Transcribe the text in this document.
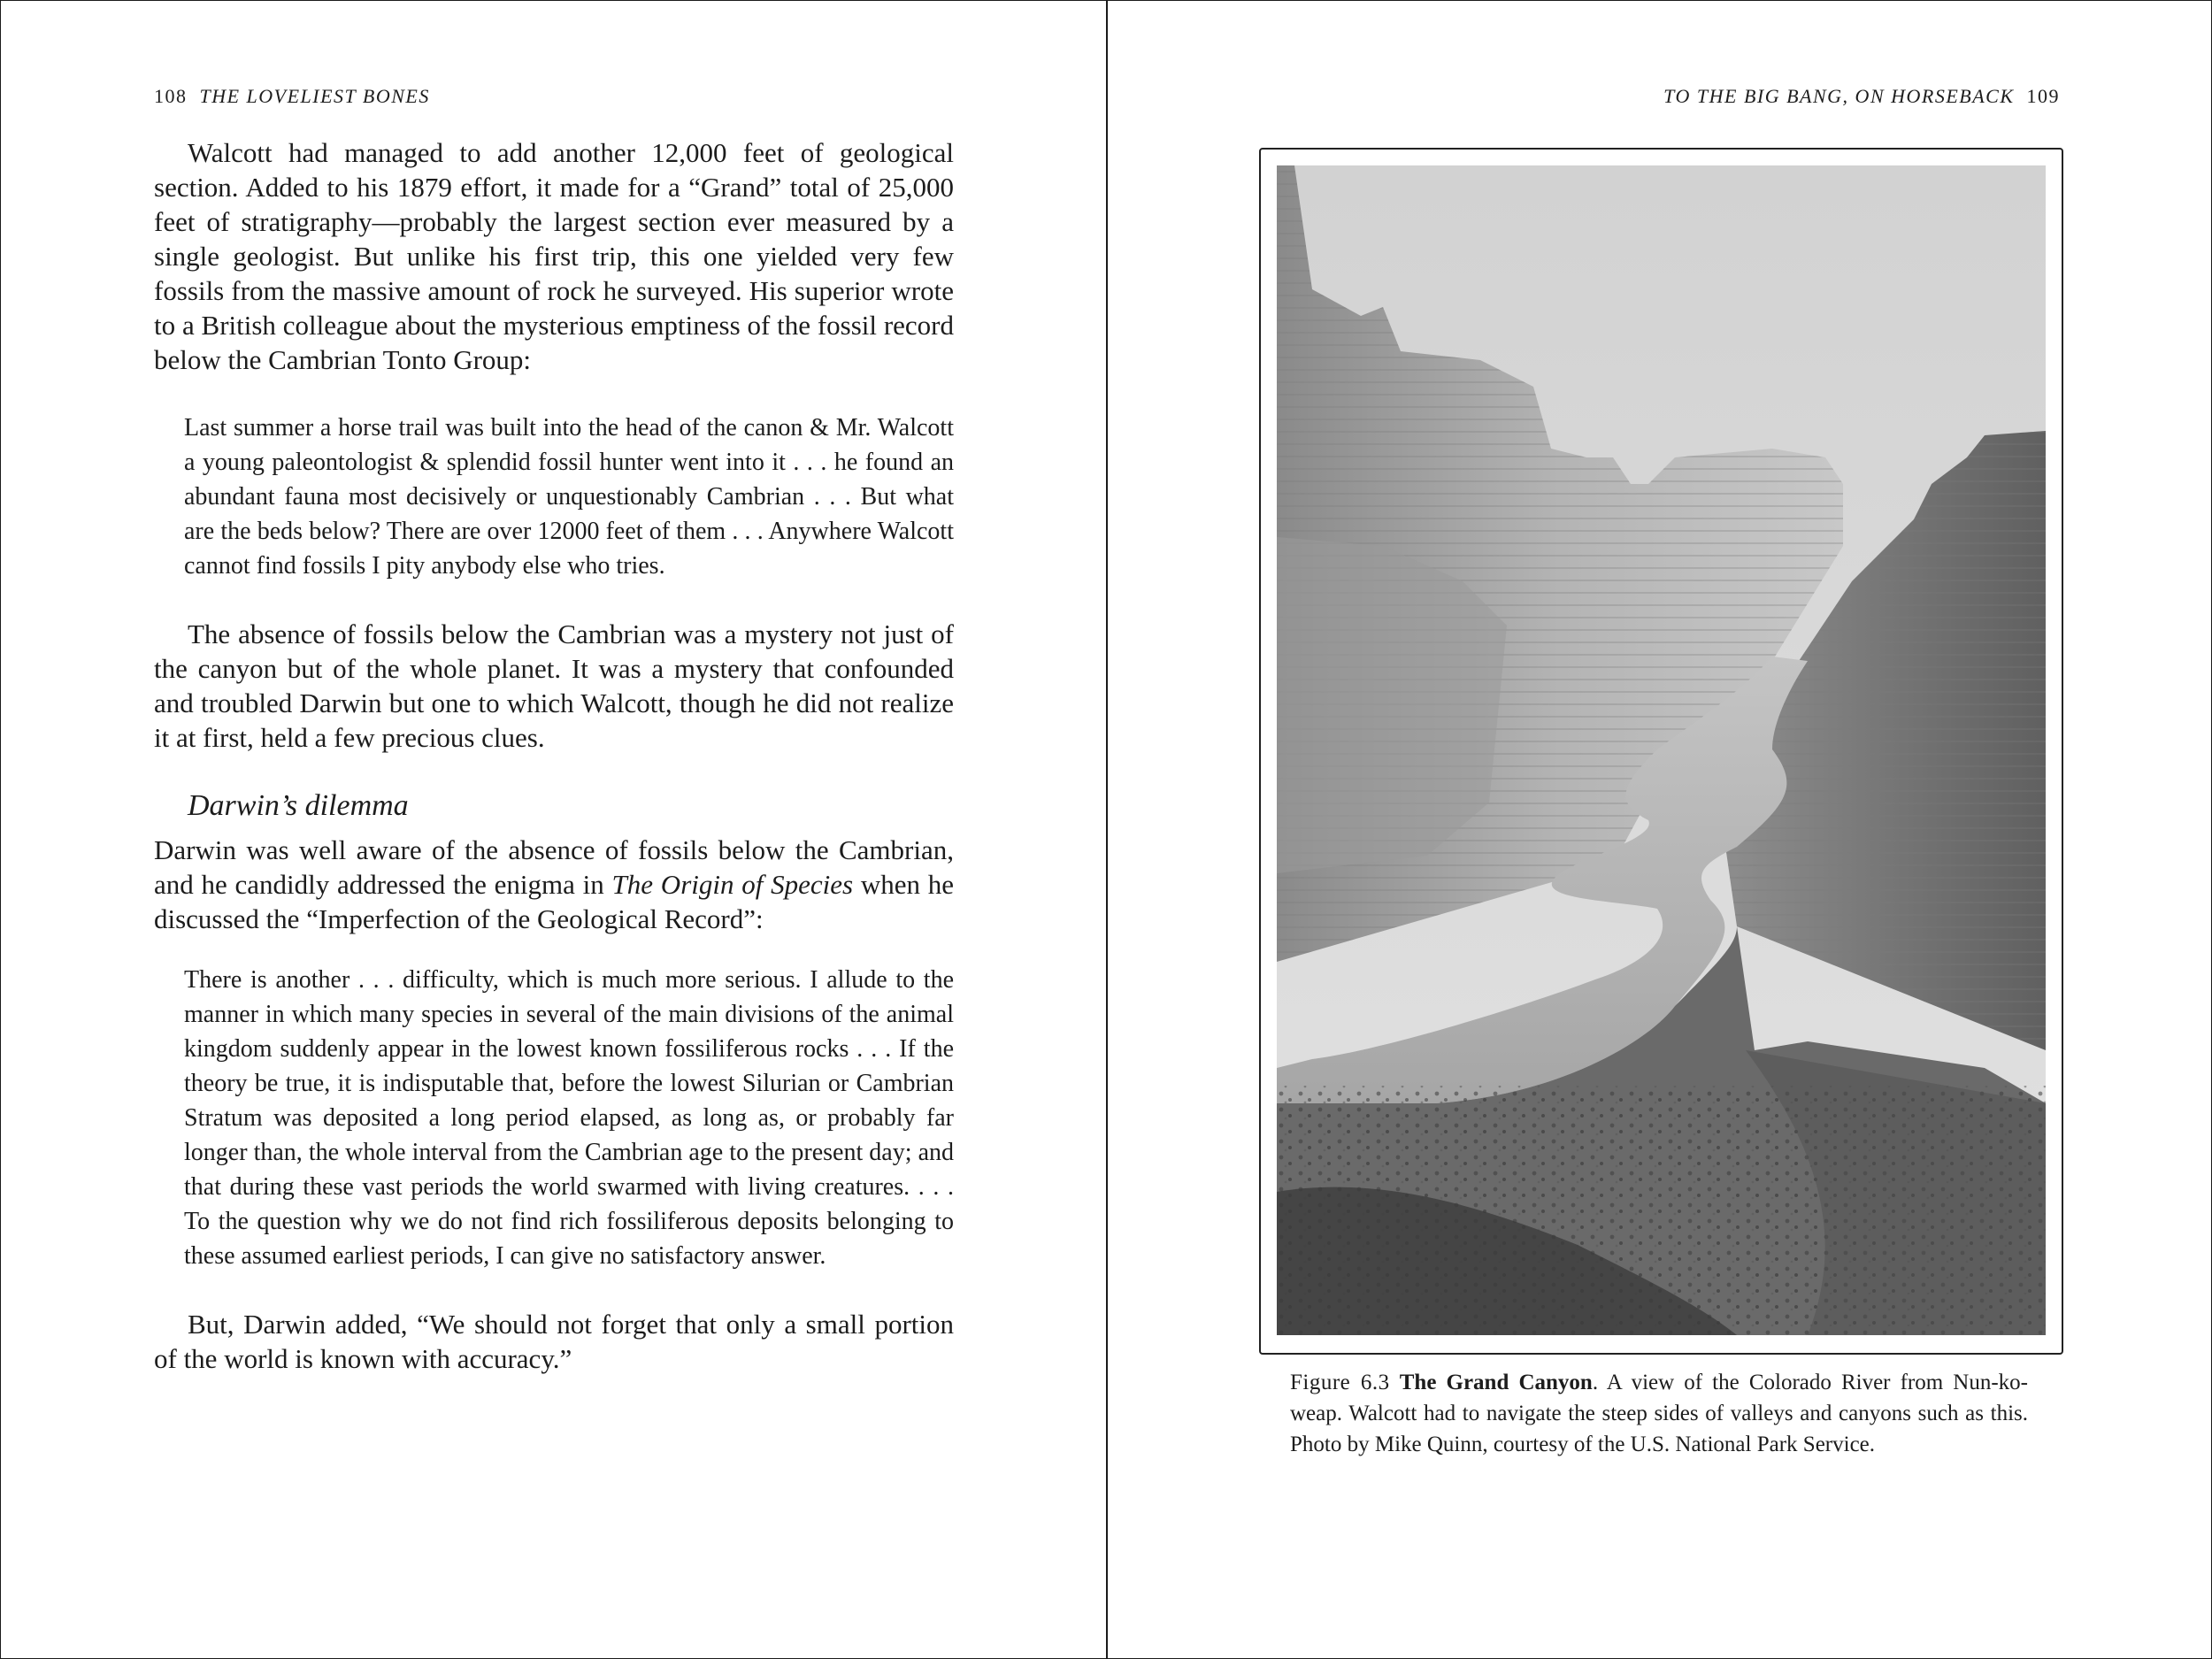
108 THE LOVELIEST BONES

Walcott had managed to add another 12,000 feet of geological section. Added to his 1879 effort, it made for a “Grand” total of 25,000 feet of stratigraphy—probably the largest section ever measured by a single geologist. But unlike his first trip, this one yielded very few fossils from the massive amount of rock he surveyed. His superior wrote to a British colleague about the mysterious emptiness of the fossil record below the Cambrian Tonto Group:

Last summer a horse trail was built into the head of the canon & Mr. Walcott a young paleontologist & splendid fossil hunter went into it . . . he found an abundant fauna most decisively or unquestionably Cambrian . . . But what are the beds below? There are over 12000 feet of them . . . Anywhere Walcott cannot find fossils I pity anybody else who tries.

The absence of fossils below the Cambrian was a mystery not just of the canyon but of the whole planet. It was a mystery that confounded and troubled Darwin but one to which Walcott, though he did not realize it at first, held a few precious clues.

Darwin’s dilemma

Darwin was well aware of the absence of fossils below the Cambrian, and he candidly addressed the enigma in The Origin of Species when he discussed the “Imperfection of the Geological Record”:

There is another . . . difficulty, which is much more serious. I allude to the manner in which many species in several of the main divisions of the animal kingdom suddenly appear in the lowest known fossiliferous rocks . . . If the theory be true, it is indisputable that, before the lowest Silurian or Cambrian Stratum was deposited a long period elapsed, as long as, or probably far longer than, the whole interval from the Cambrian age to the present day; and that during these vast periods the world swarmed with living creatures. . . . To the question why we do not find rich fossiliferous deposits belonging to these assumed earliest periods, I can give no satisfactory answer.

But, Darwin added, “We should not forget that only a small portion of the world is known with accuracy.”

TO THE BIG BANG, ON HORSEBACK 109
Figure 6.3 The Grand Canyon. A view of the Colorado River from Nun-ko-weap. Walcott had to navigate the steep sides of valleys and canyons such as this. Photo by Mike Quinn, courtesy of the U.S. National Park Service.
